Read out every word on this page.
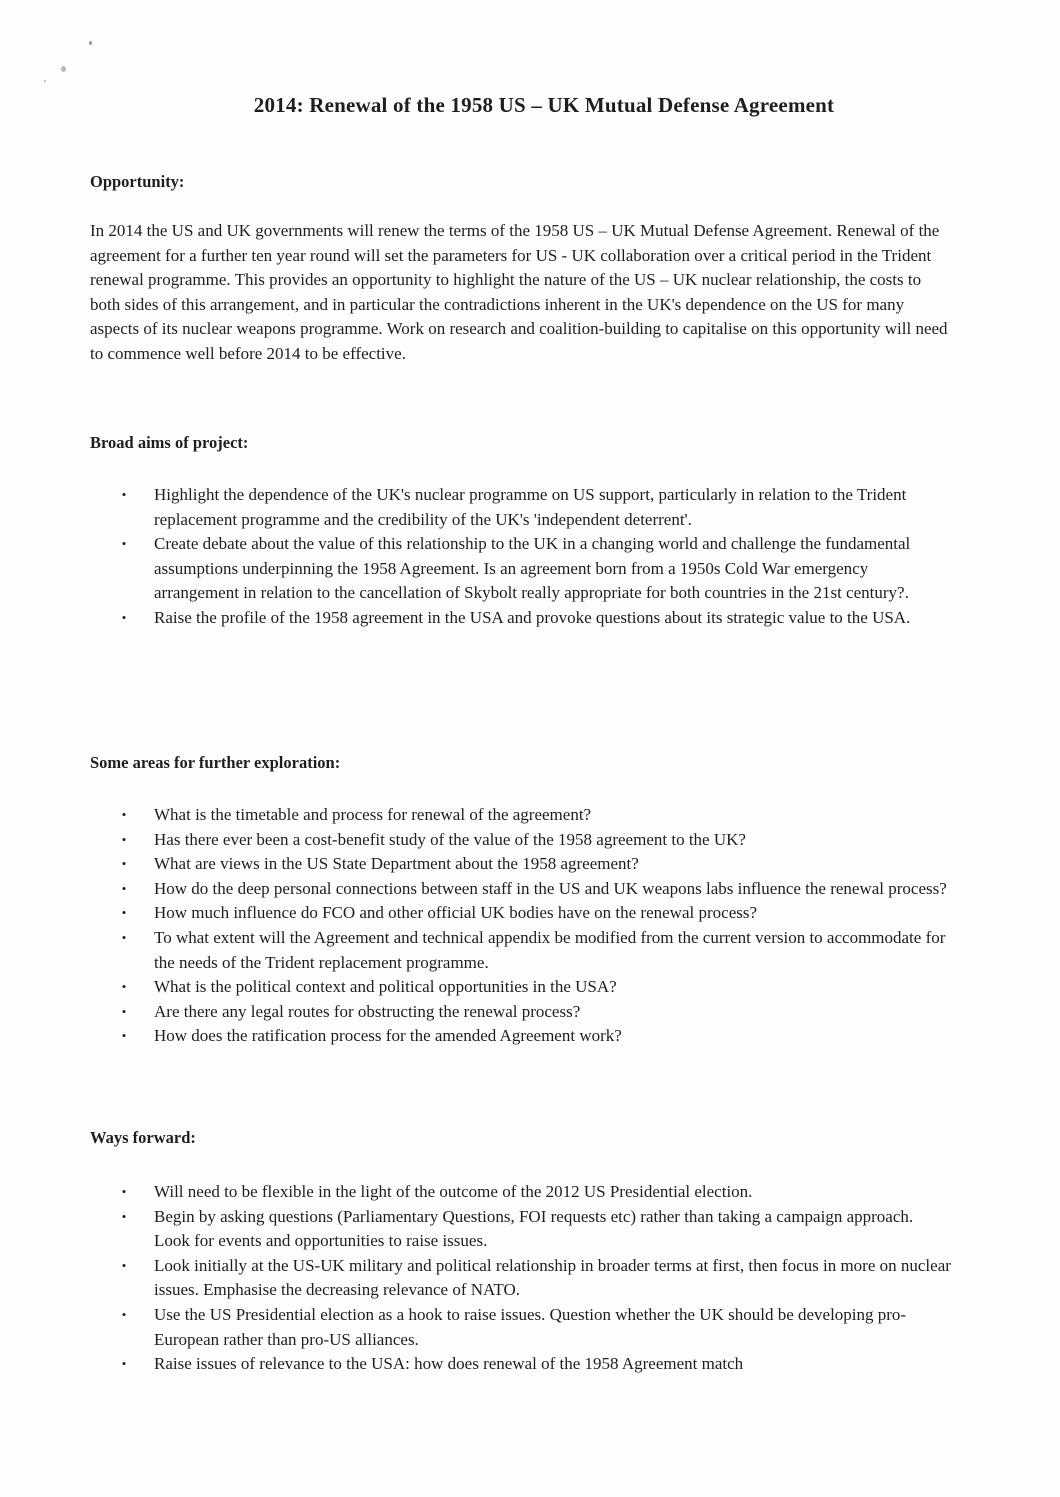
2014: Renewal of the 1958 US – UK Mutual Defense Agreement
Opportunity:
In 2014 the US and UK governments will renew the terms of the 1958 US – UK Mutual Defense Agreement. Renewal of the agreement for a further ten year round will set the parameters for US - UK collaboration over a critical period in the Trident renewal programme. This provides an opportunity to highlight the nature of the US – UK nuclear relationship, the costs to both sides of this arrangement, and in particular the contradictions inherent in the UK's dependence on the US for many aspects of its nuclear weapons programme. Work on research and coalition-building to capitalise on this opportunity will need to commence well before 2014 to be effective.
Broad aims of project:
• Highlight the dependence of the UK's nuclear programme on US support, particularly in relation to the Trident replacement programme and the credibility of the UK's 'independent deterrent'.
• Create debate about the value of this relationship to the UK in a changing world and challenge the fundamental assumptions underpinning the 1958 Agreement. Is an agreement born from a 1950s Cold War emergency arrangement in relation to the cancellation of Skybolt really appropriate for both countries in the 21st century?.
• Raise the profile of the 1958 agreement in the USA and provoke questions about its strategic value to the USA.
Some areas for further exploration:
• What is the timetable and process for renewal of the agreement?
• Has there ever been a cost-benefit study of the value of the 1958 agreement to the UK?
• What are views in the US State Department about the 1958 agreement?
• How do the deep personal connections between staff in the US and UK weapons labs influence the renewal process?
• How much influence do FCO and other official UK bodies have on the renewal process?
• To what extent will the Agreement and technical appendix be modified from the current version to accommodate for the needs of the Trident replacement programme.
• What is the political context and political opportunities in the USA?
• Are there any legal routes for obstructing the renewal process?
• How does the ratification process for the amended Agreement work?
Ways forward:
• Will need to be flexible in the light of the outcome of the 2012 US Presidential election.
• Begin by asking questions (Parliamentary Questions, FOI requests etc) rather than taking a campaign approach. Look for events and opportunities to raise issues.
• Look initially at the US-UK military and political relationship in broader terms at first, then focus in more on nuclear issues. Emphasise the decreasing relevance of NATO.
• Use the US Presidential election as a hook to raise issues. Question whether the UK should be developing pro-European rather than pro-US alliances.
• Raise issues of relevance to the USA: how does renewal of the 1958 Agreement match
